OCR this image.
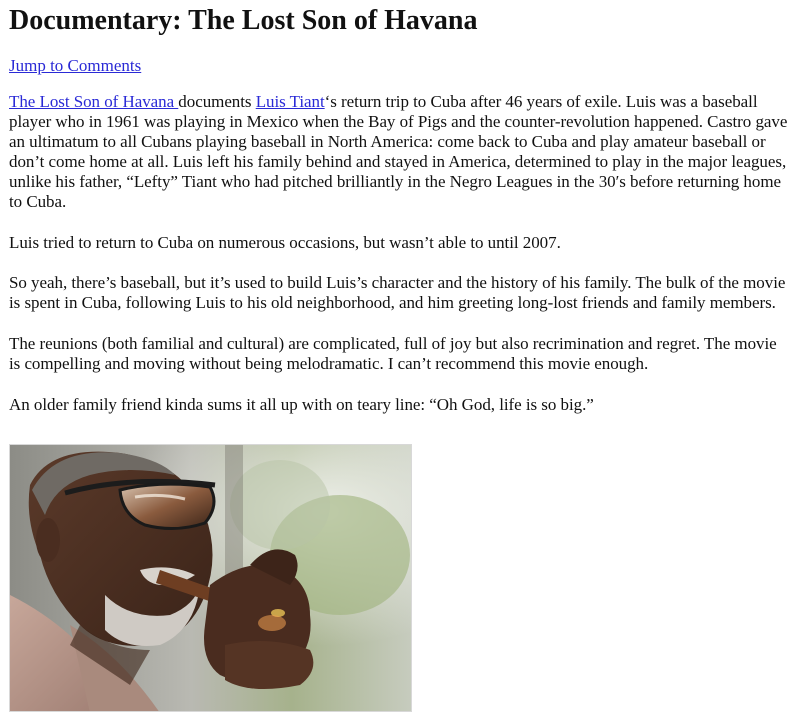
Documentary: The Lost Son of Havana
Jump to Comments

The Lost Son of Havana documents Luis Tiant‘s return trip to Cuba after 46 years of exile. Luis was a baseball player who in 1961 was playing in Mexico when the Bay of Pigs and the counter-revolution happened. Castro gave an ultimatum to all Cubans playing baseball in North America: come back to Cuba and play amateur baseball or don’t come home at all. Luis left his family behind and stayed in America, determined to play in the major leagues, unlike his father, “Lefty” Tiant who had pitched brilliantly in the Negro Leagues in the 30′s before returning home to Cuba.

Luis tried to return to Cuba on numerous occasions, but wasn’t able to until 2007.

So yeah, there’s baseball, but it’s used to build Luis’s character and the history of his family. The bulk of the movie is spent in Cuba, following Luis to his old neighborhood, and him greeting long-lost friends and family members.

The reunions (both familial and cultural) are complicated, full of joy but also recrimination and regret. The movie is compelling and moving without being melodramatic. I can’t recommend this movie enough.

An older family friend kinda sums it all up with on teary line: “Oh God, life is so big.”
